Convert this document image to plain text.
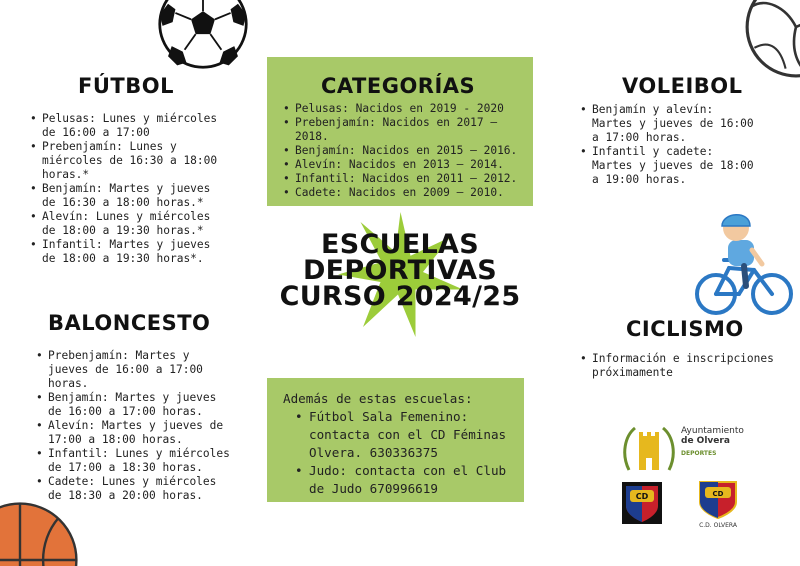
FÚTBOL
• Pelusas: Lunes y miércoles de 16:00 a 17:00
• Prebenjamín: Lunes y miércoles de 16:30 a 18:00 horas.*
• Benjamín: Martes y jueves de 16:30 a 18:00 horas.*
• Alevín: Lunes y miércoles de 18:00 a 19:30 horas.*
• Infantil: Martes y jueves de 18:00 a 19:30 horas*.
CATEGORÍAS
• Pelusas: Nacidos en 2019 - 2020
• Prebenjamín: Nacidos en 2017 – 2018.
• Benjamín: Nacidos en 2015 – 2016.
• Alevín: Nacidos en 2013 – 2014.
• Infantil: Nacidos en 2011 – 2012.
• Cadete: Nacidos en 2009 – 2010.
VOLEIBOL
• Benjamín y alevín: Martes y jueves de 16:00 a 17:00 horas.
• Infantil y cadete: Martes y jueves de 18:00 a 19:00 horas.
ESCUELAS
DEPORTIVAS
CURSO 2024/25
BALONCESTO
• Prebenjamín: Martes y jueves de 16:00 a 17:00 horas.
• Benjamín: Martes y jueves de 16:00 a 17:00 horas.
• Alevín: Martes y jueves de 17:00 a 18:00 horas.
• Infantil: Lunes y miércoles de 17:00 a 18:30 horas.
• Cadete: Lunes y miércoles de 18:30 a 20:00 horas.
Además de estas escuelas:
• Fútbol Sala Femenino: contacta con el CD Féminas Olvera. 630336375
• Judo: contacta con el Club de Judo 670996619
CICLISMO
• Información e inscripciones próximamente
Ayuntamiento
de Olvera
DEPORTES
CD	CD
C.D. OLVERA
